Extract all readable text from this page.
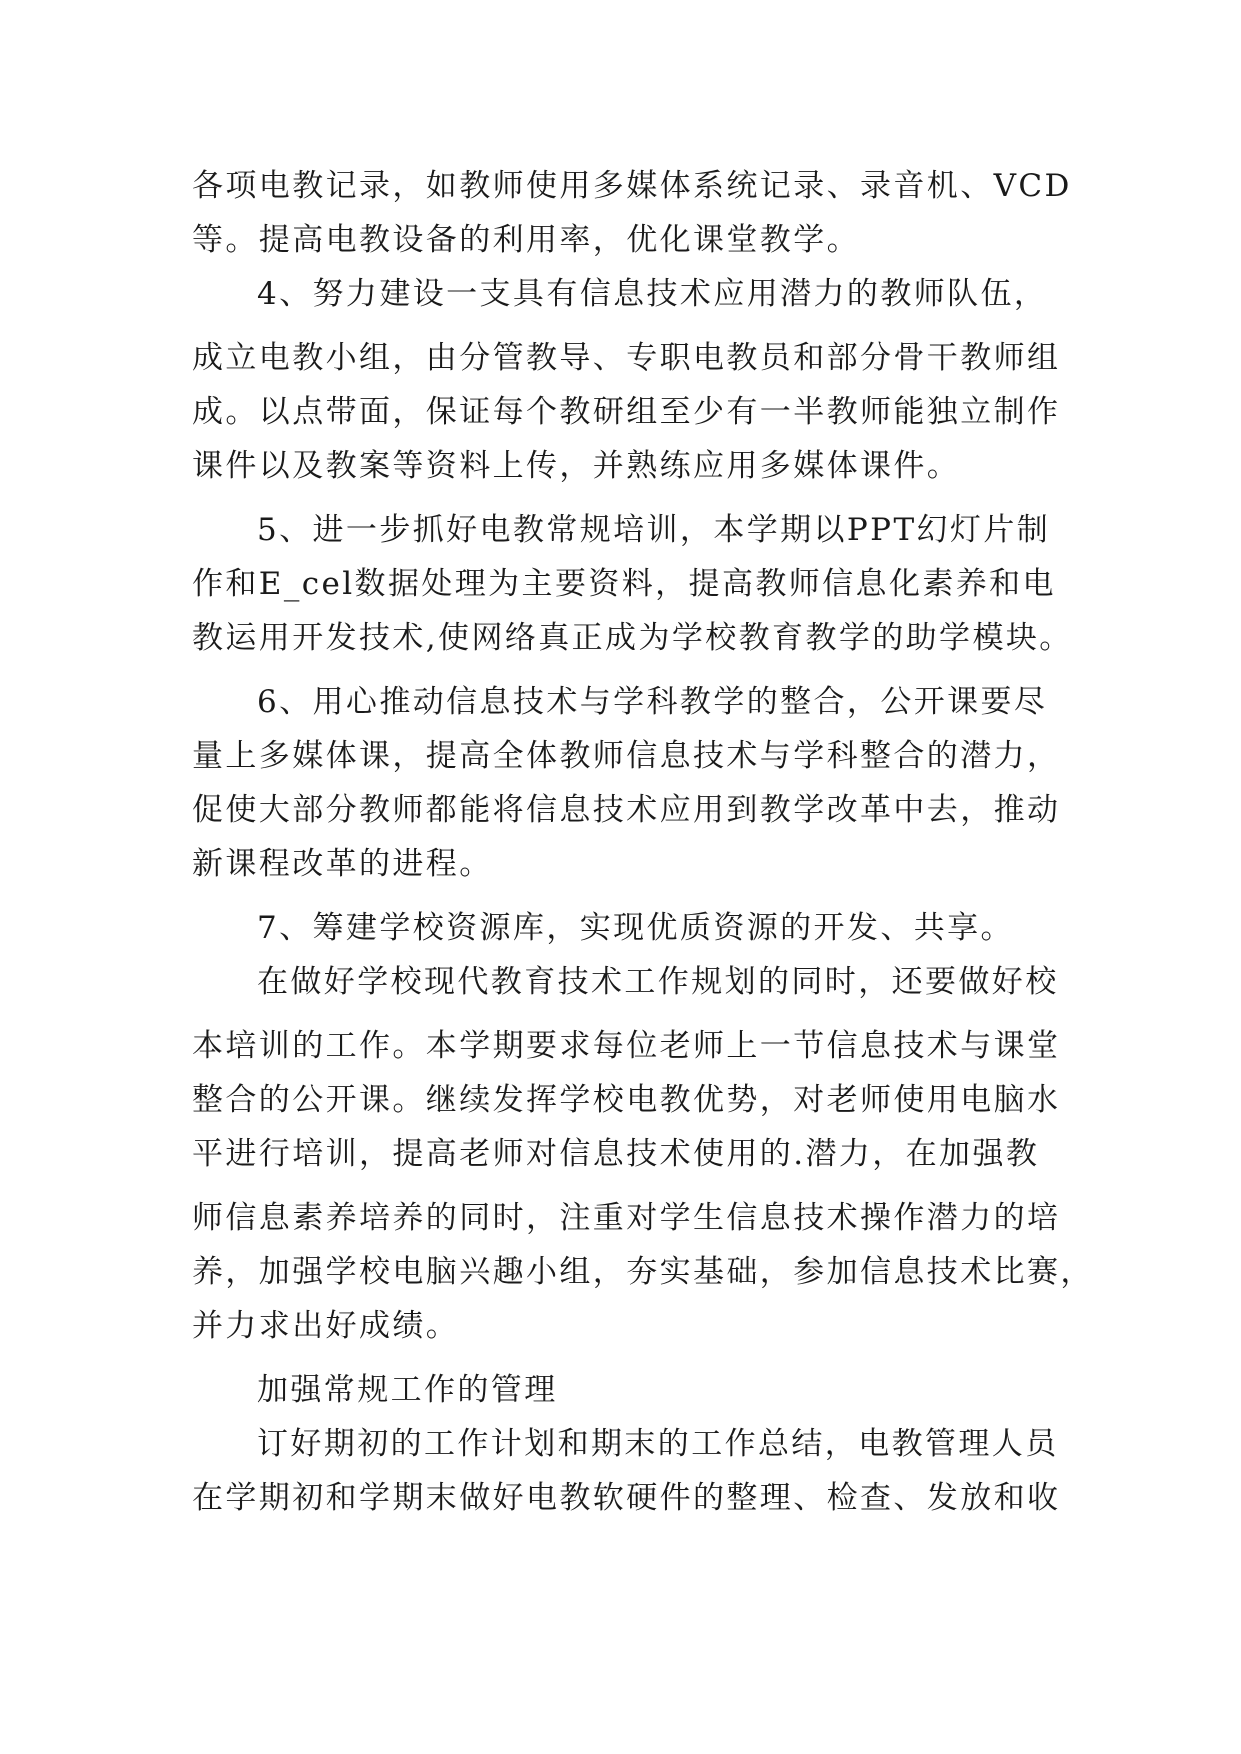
各项电教记录，如教师使用多媒体系统记录、录音机、VCD
等。提高电教设备的利用率，优化课堂教学。
4、努力建设一支具有信息技术应用潜力的教师队伍，
成立电教小组，由分管教导、专职电教员和部分骨干教师组
成。以点带面，保证每个教研组至少有一半教师能独立制作
课件以及教案等资料上传，并熟练应用多媒体课件。
5、进一步抓好电教常规培训，本学期以PPT幻灯片制
作和E_cel数据处理为主要资料，提高教师信息化素养和电
教运用开发技术,使网络真正成为学校教育教学的助学模块。
6、用心推动信息技术与学科教学的整合，公开课要尽
量上多媒体课，提高全体教师信息技术与学科整合的潜力，
促使大部分教师都能将信息技术应用到教学改革中去，推动
新课程改革的进程。
7、筹建学校资源库，实现优质资源的开发、共享。
在做好学校现代教育技术工作规划的同时，还要做好校
本培训的工作。本学期要求每位老师上一节信息技术与课堂
整合的公开课。继续发挥学校电教优势，对老师使用电脑水
平进行培训，提高老师对信息技术使用的.潜力，在加强教
师信息素养培养的同时，注重对学生信息技术操作潜力的培
养，加强学校电脑兴趣小组，夯实基础，参加信息技术比赛，
并力求出好成绩。
加强常规工作的管理
订好期初的工作计划和期末的工作总结，电教管理人员
在学期初和学期末做好电教软硬件的整理、检查、发放和收
